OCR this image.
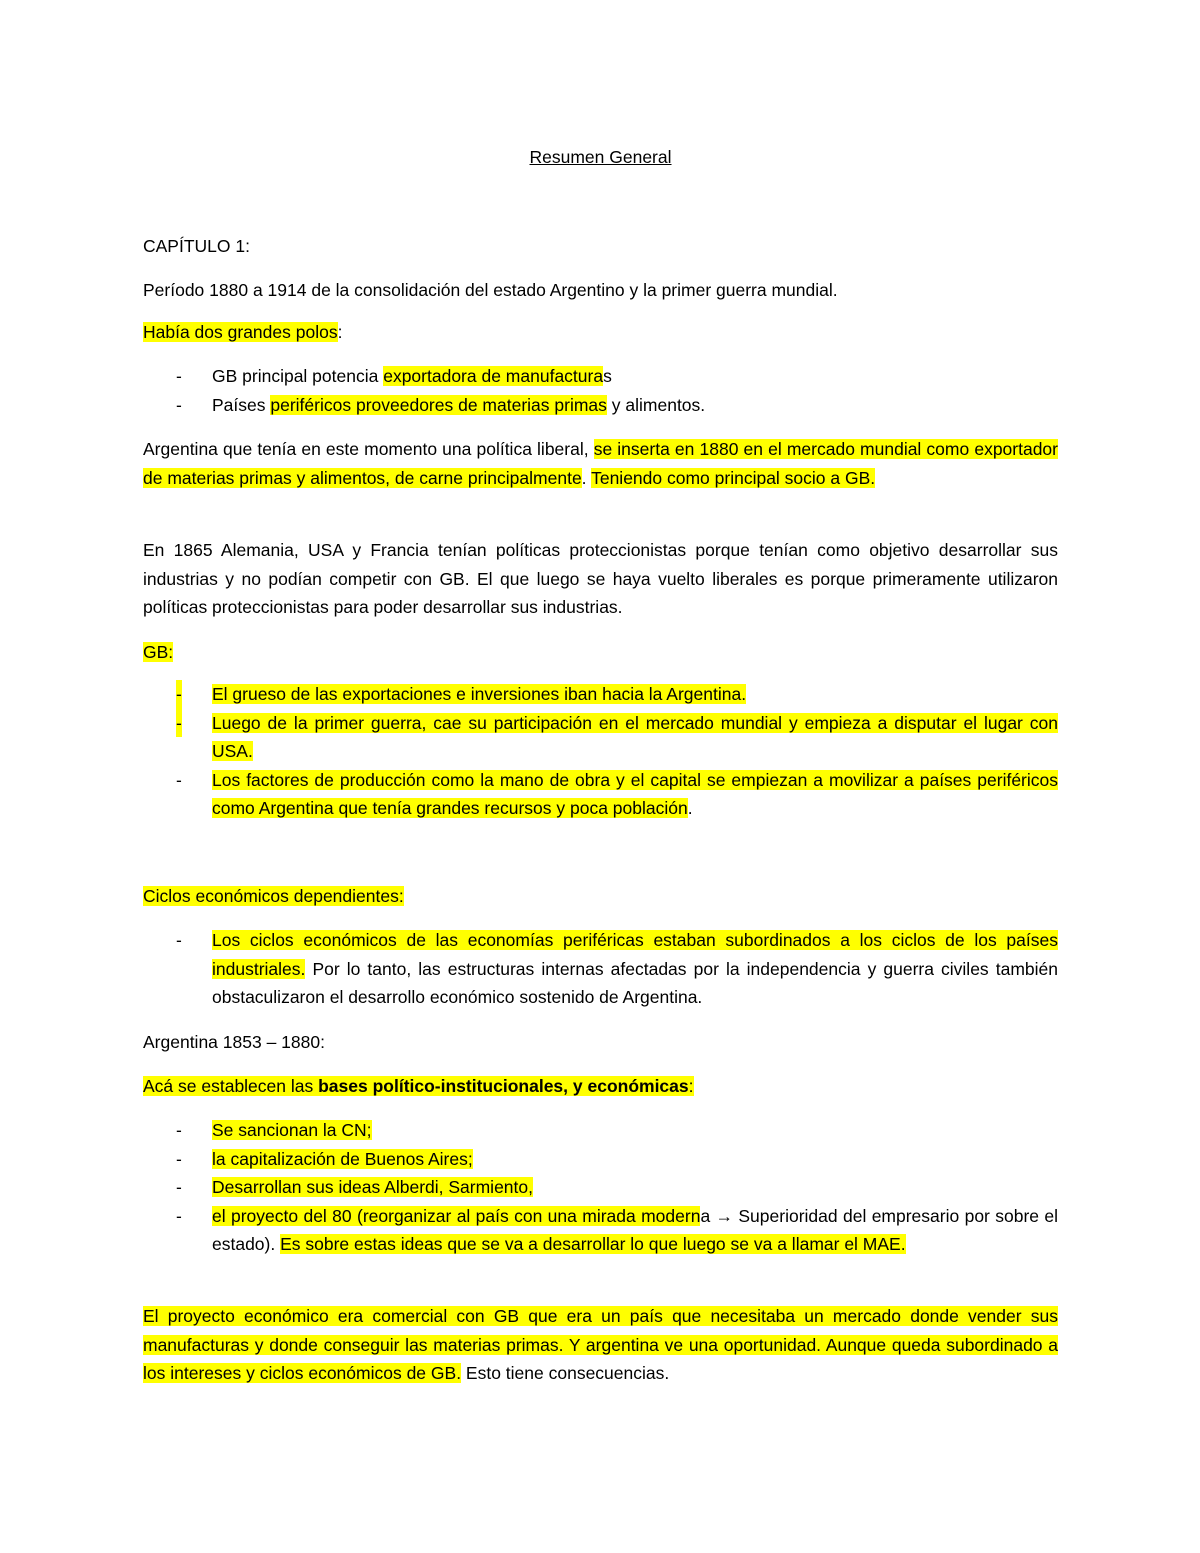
Resumen General
CAPÍTULO 1:
Período 1880 a 1914 de la consolidación del estado Argentino y la primer guerra mundial.
Había dos grandes polos:
- GB principal potencia exportadora de manufacturas
- Países periféricos proveedores de materias primas y alimentos.
Argentina que tenía en este momento una política liberal, se inserta en 1880 en el mercado mundial como exportador de materias primas y alimentos, de carne principalmente. Teniendo como principal socio a GB.
En 1865 Alemania, USA y Francia tenían políticas proteccionistas porque tenían como objetivo desarrollar sus industrias y no podían competir con GB. El que luego se haya vuelto liberales es porque primeramente utilizaron políticas proteccionistas para poder desarrollar sus industrias.
GB:
- El grueso de las exportaciones e inversiones iban hacia la Argentina.
- Luego de la primer guerra, cae su participación en el mercado mundial y empieza a disputar el lugar con USA.
- Los factores de producción como la mano de obra y el capital se empiezan a movilizar a países periféricos como Argentina que tenía grandes recursos y poca población.
Ciclos económicos dependientes:
- Los ciclos económicos de las economías periféricas estaban subordinados a los ciclos de los países industriales. Por lo tanto, las estructuras internas afectadas por la independencia y guerra civiles también obstaculizaron el desarrollo económico sostenido de Argentina.
Argentina 1853 – 1880:
Acá se establecen las bases político-institucionales, y económicas:
- Se sancionan la CN;
- la capitalización de Buenos Aires;
- Desarrollan sus ideas Alberdi, Sarmiento,
- el proyecto del 80 (reorganizar al país con una mirada moderna → Superioridad del empresario por sobre el estado). Es sobre estas ideas que se va a desarrollar lo que luego se va a llamar el MAE.
El proyecto económico era comercial con GB que era un país que necesitaba un mercado donde vender sus manufacturas y donde conseguir las materias primas. Y argentina ve una oportunidad. Aunque queda subordinado a los intereses y ciclos económicos de GB. Esto tiene consecuencias.
